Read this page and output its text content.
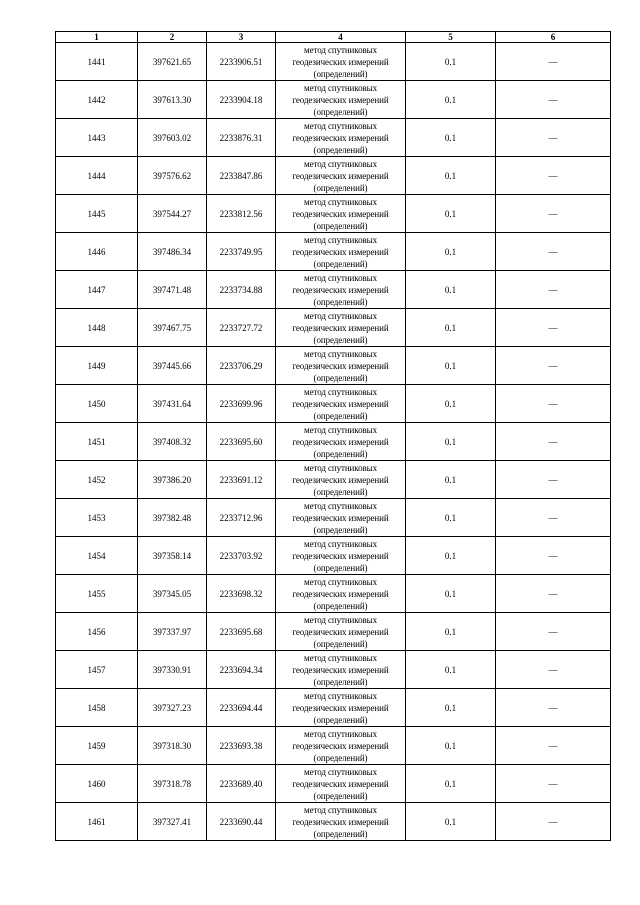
1	2	3	4	5	6
1441	397621.65	2233906.51	метод спутниковых геодезических измерений (определений)	0.1	—
1442	397613.30	2233904.18	метод спутниковых геодезических измерений (определений)	0.1	—
1443	397603.02	2233876.31	метод спутниковых геодезических измерений (определений)	0.1	—
1444	397576.62	2233847.86	метод спутниковых геодезических измерений (определений)	0.1	—
1445	397544.27	2233812.56	метод спутниковых геодезических измерений (определений)	0.1	—
1446	397486.34	2233749.95	метод спутниковых геодезических измерений (определений)	0.1	—
1447	397471.48	2233734.88	метод спутниковых геодезических измерений (определений)	0.1	—
1448	397467.75	2233727.72	метод спутниковых геодезических измерений (определений)	0.1	—
1449	397445.66	2233706.29	метод спутниковых геодезических измерений (определений)	0.1	—
1450	397431.64	2233699.96	метод спутниковых геодезических измерений (определений)	0.1	—
1451	397408.32	2233695.60	метод спутниковых геодезических измерений (определений)	0.1	—
1452	397386.20	2233691.12	метод спутниковых геодезических измерений (определений)	0.1	—
1453	397382.48	2233712.96	метод спутниковых геодезических измерений (определений)	0.1	—
1454	397358.14	2233703.92	метод спутниковых геодезических измерений (определений)	0.1	—
1455	397345.05	2233698.32	метод спутниковых геодезических измерений (определений)	0.1	—
1456	397337.97	2233695.68	метод спутниковых геодезических измерений (определений)	0.1	—
1457	397330.91	2233694.34	метод спутниковых геодезических измерений (определений)	0.1	—
1458	397327.23	2233694.44	метод спутниковых геодезических измерений (определений)	0.1	—
1459	397318.30	2233693.38	метод спутниковых геодезических измерений (определений)	0.1	—
1460	397318.78	2233689.40	метод спутниковых геодезических измерений (определений)	0.1	—
1461	397327.41	2233690.44	метод спутниковых геодезических измерений (определений)	0.1	—
